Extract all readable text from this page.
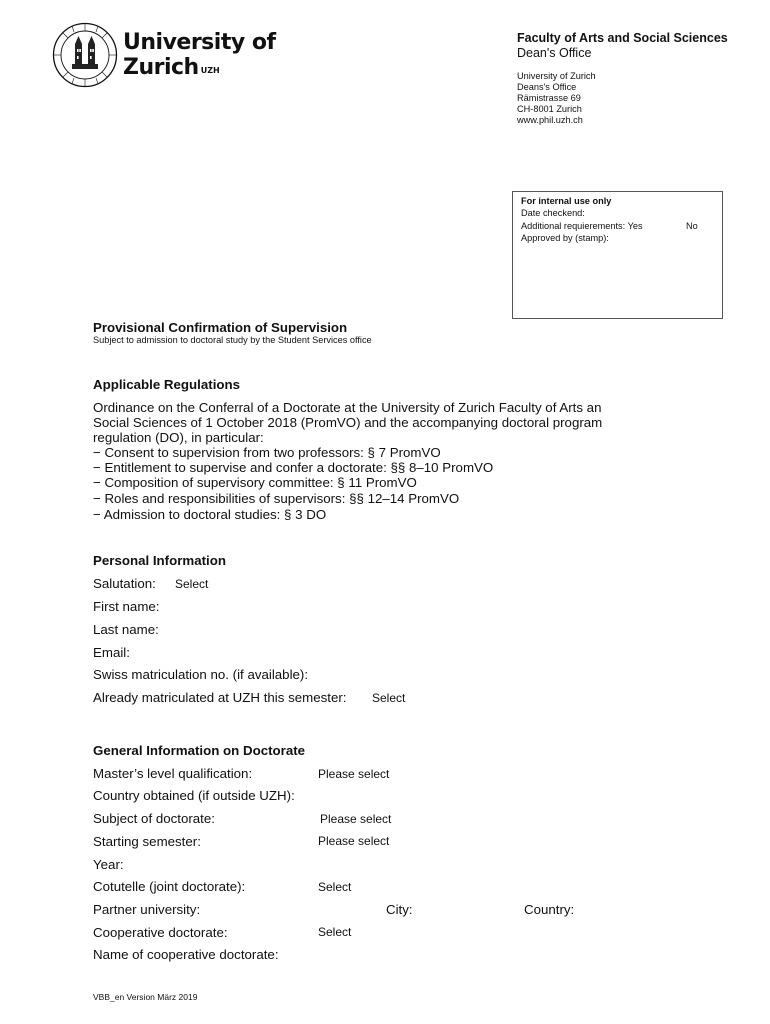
University of
Zurich $^{UZH}$
Faculty of Arts and Social Sciences
Dean's Office
University of Zurich
Deans's Office
Rämistrasse 69
CH-8001 Zurich
www.phil.uzh.ch
For internal use only
Date checkend:
Additional requierements: Yes	No
Approved by (stamp):
Provisional Confirmation of Supervision
Subject to admission to doctoral study by the Student Services office
Applicable Regulations
Ordinance on the Conferral of a Doctorate at the University of Zurich Faculty of Arts an
Social Sciences of 1 October 2018 (PromVO) and the accompanying doctoral program
regulation (DO), in particular:
− Consent to supervision from two professors: § 7 PromVO
− Entitlement to supervise and confer a doctorate: §§ 8–10 PromVO
− Composition of supervisory committee: § 11 PromVO
− Roles and responsibilities of supervisors: §§ 12–14 PromVO
− Admission to doctoral studies: § 3 DO
Personal Information
Salutation: Select
First name:
Last name:
Email:
Swiss matriculation no. (if available):
Already matriculated at UZH this semester: Select
General Information on Doctorate
Master’s level qualification:	Please select
Country obtained (if outside UZH):
Subject of doctorate:	Please select
Starting semester:	Please select
Year:
Cotutelle (joint doctorate):	Select
Partner university:	City:	Country:
Cooperative doctorate:	Select
Name of cooperative doctorate:
VBB_en Version März 2019
